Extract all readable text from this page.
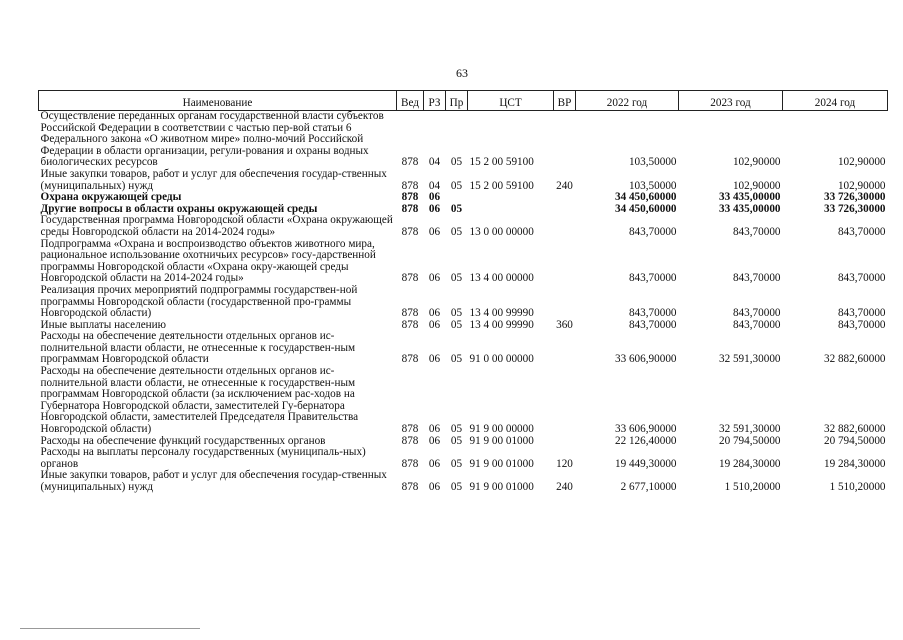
63
Наименование	Вед	РЗ	Пр	ЦСТ	ВР	2022 год	2023 год	2024 год
Осуществление переданных органам государственной власти субъектов Российской Федерации в соответствии с частью пер-вой статьи 6 Федерального закона «О животном мире» полно-мочий Российской Федерации в области организации, регули-рования и охраны водных биологических ресурсов	878	04	05	15 2 00 59100		103,50000	102,90000	102,90000
Иные закупки товаров, работ и услуг для обеспечения государ-ственных (муниципальных) нужд	878	04	05	15 2 00 59100	240	103,50000	102,90000	102,90000
Охрана окружающей среды	878	06				34 450,60000	33 435,00000	33 726,30000
Другие вопросы в области охраны окружающей среды	878	06	05			34 450,60000	33 435,00000	33 726,30000
Государственная программа Новгородской области «Охрана окружающей среды Новгородской области на 2014-2024 годы»	878	06	05	13 0 00 00000		843,70000	843,70000	843,70000
Подпрограмма «Охрана и воспроизводство объектов животного мира, рациональное использование охотничьих ресурсов» госу-дарственной программы Новгородской области «Охрана окру-жающей среды Новгородской области на 2014-2024 годы»	878	06	05	13 4 00 00000		843,70000	843,70000	843,70000
Реализация прочих мероприятий подпрограммы государствен-ной программы Новгородской области (государственной про-граммы Новгородской области)	878	06	05	13 4 00 99990		843,70000	843,70000	843,70000
Иные выплаты населению	878	06	05	13 4 00 99990	360	843,70000	843,70000	843,70000
Расходы на обеспечение деятельности отдельных органов ис-полнительной власти области, не отнесенные к государствен-ным программам Новгородской области	878	06	05	91 0 00 00000		33 606,90000	32 591,30000	32 882,60000
Расходы на обеспечение деятельности отдельных органов ис-полнительной власти области, не отнесенные к государствен-ным программам Новгородской области (за исключением рас-ходов на Губернатора Новгородской области, заместителей Гу-бернатора Новгородской области, заместителей Председателя Правительства Новгородской области)	878	06	05	91 9 00 00000		33 606,90000	32 591,30000	32 882,60000
Расходы на обеспечение функций государственных органов	878	06	05	91 9 00 01000		22 126,40000	20 794,50000	20 794,50000
Расходы на выплаты персоналу государственных (муниципаль-ных) органов	878	06	05	91 9 00 01000	120	19 449,30000	19 284,30000	19 284,30000
Иные закупки товаров, работ и услуг для обеспечения государ-ственных (муниципальных) нужд	878	06	05	91 9 00 01000	240	2 677,10000	1 510,20000	1 510,20000
